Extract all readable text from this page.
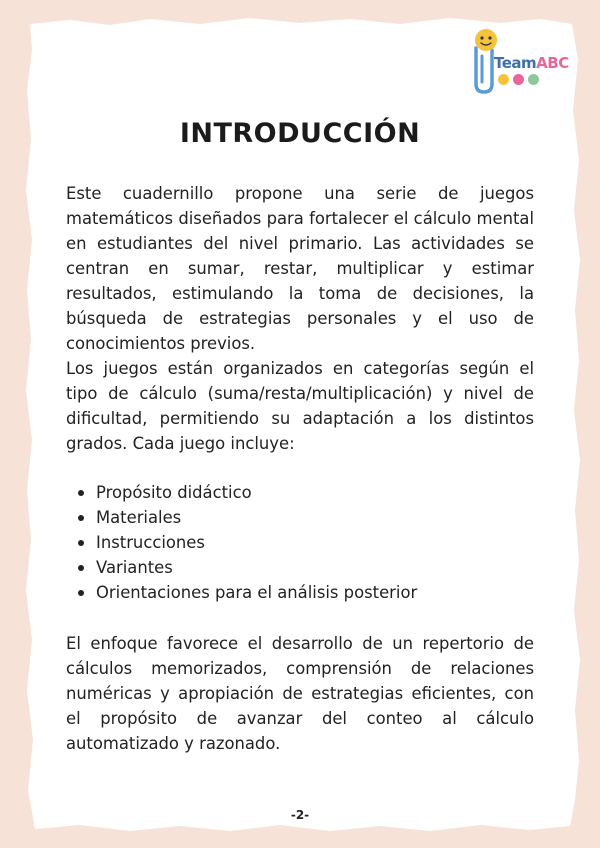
TeamABC
INTRODUCCIÓN

Este cuadernillo propone una serie de juegos matemáticos diseñados para fortalecer el cálculo mental en estudiantes del nivel primario. Las actividades se centran en sumar, restar, multiplicar y estimar resultados, estimulando la toma de decisiones, la búsqueda de estrategias personales y el uso de conocimientos previos.

Los juegos están organizados en categorías según el tipo de cálculo (suma/resta/multiplicación) y nivel de dificultad, permitiendo su adaptación a los distintos grados. Cada juego incluye:

Propósito didáctico
Materiales
Instrucciones
Variantes
Orientaciones para el análisis posterior

El enfoque favorece el desarrollo de un repertorio de cálculos memorizados, comprensión de relaciones numéricas y apropiación de estrategias eficientes, con el propósito de avanzar del conteo al cálculo automatizado y razonado.

-2-
